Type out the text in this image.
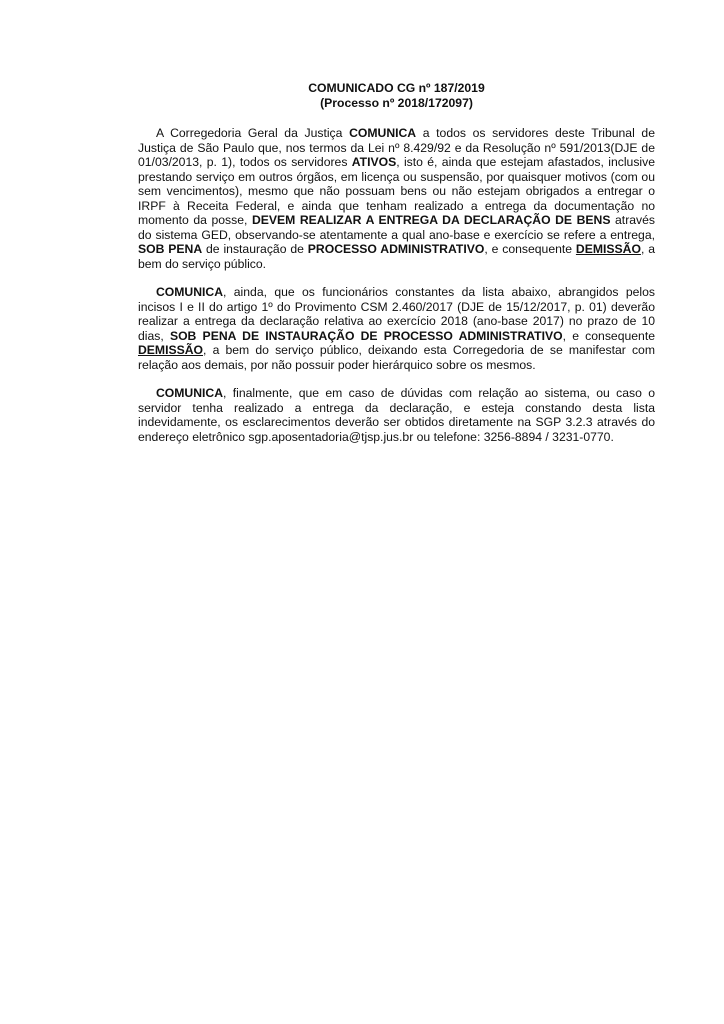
COMUNICADO CG nº 187/2019

(Processo nº 2018/172097)

A Corregedoria Geral da Justiça COMUNICA a todos os servidores deste Tribunal de Justiça de São Paulo que, nos termos da Lei nº 8.429/92 e da Resolução nº 591/2013(DJE de 01/03/2013, p. 1), todos os servidores ATIVOS, isto é, ainda que estejam afastados, inclusive prestando serviço em outros órgãos, em licença ou suspensão, por quaisquer motivos (com ou sem vencimentos), mesmo que não possuam bens ou não estejam obrigados a entregar o IRPF à Receita Federal, e ainda que tenham realizado a entrega da documentação no momento da posse, DEVEM REALIZAR A ENTREGA DA DECLARAÇÃO DE BENS através do sistema GED, observando-se atentamente a qual ano-base e exercício se refere a entrega, SOB PENA de instauração de PROCESSO ADMINISTRATIVO, e consequente DEMISSÃO, a bem do serviço público.

COMUNICA, ainda, que os funcionários constantes da lista abaixo, abrangidos pelos incisos I e II do artigo 1º do Provimento CSM 2.460/2017 (DJE de 15/12/2017, p. 01) deverão realizar a entrega da declaração relativa ao exercício 2018 (ano-base 2017) no prazo de 10 dias, SOB PENA DE INSTAURAÇÃO DE PROCESSO ADMINISTRATIVO, e consequente DEMISSÃO, a bem do serviço público, deixando esta Corregedoria de se manifestar com relação aos demais, por não possuir poder hierárquico sobre os mesmos.

COMUNICA, finalmente, que em caso de dúvidas com relação ao sistema, ou caso o servidor tenha realizado a entrega da declaração, e esteja constando desta lista indevidamente, os esclarecimentos deverão ser obtidos diretamente na SGP 3.2.3 através do endereço eletrônico sgp.aposentadoria@tjsp.jus.br ou telefone: 3256-8894 / 3231-0770.
